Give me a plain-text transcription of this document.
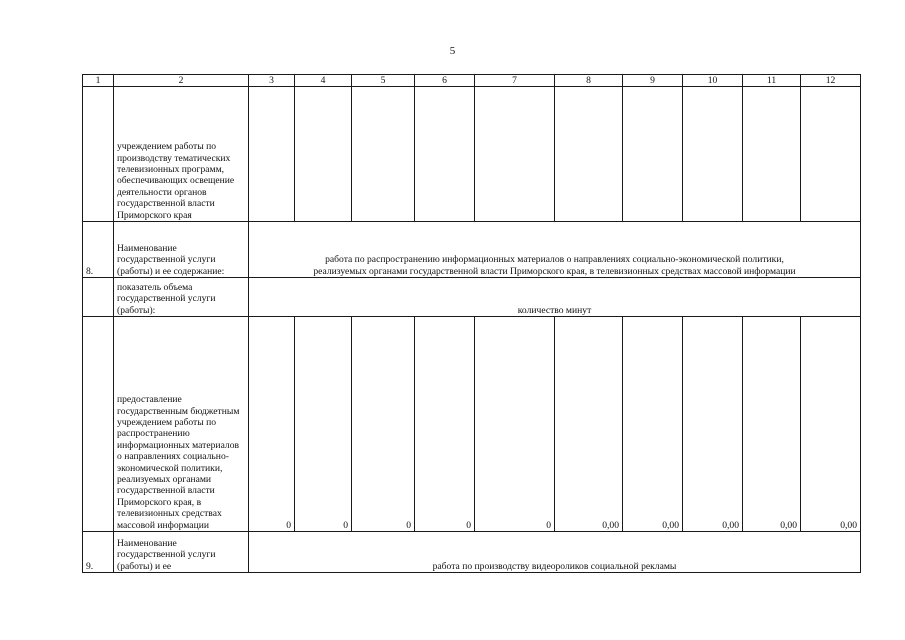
5
1	2	3	4	5	6	7	8	9	10	11	12
	учреждением работы по производству тематических телевизионных программ, обеспечивающих освещение деятельности органов государственной власти Приморского края										
8.	Наименование государственной услуги (работы) и ее содержание:	работа по распространению информационных материалов о направлениях социально-экономической политики,
реализуемых органами государственной власти Приморского края, в телевизионных средствах массовой информации									

	показатель объема государственной услуги (работы):	количество минут									
	предоставление государственным бюджетным учреждением работы по распространению информационных материалов о направлениях социально-экономической политики, реализуемых органами государственной власти Приморского края, в телевизионных средствах массовой информации	0	0	0	0	0	0,00	0,00	0,00	0,00	0,00
9.	Наименование государственной услуги (работы) и ее	работа по производству видеороликов социальной рекламы									
